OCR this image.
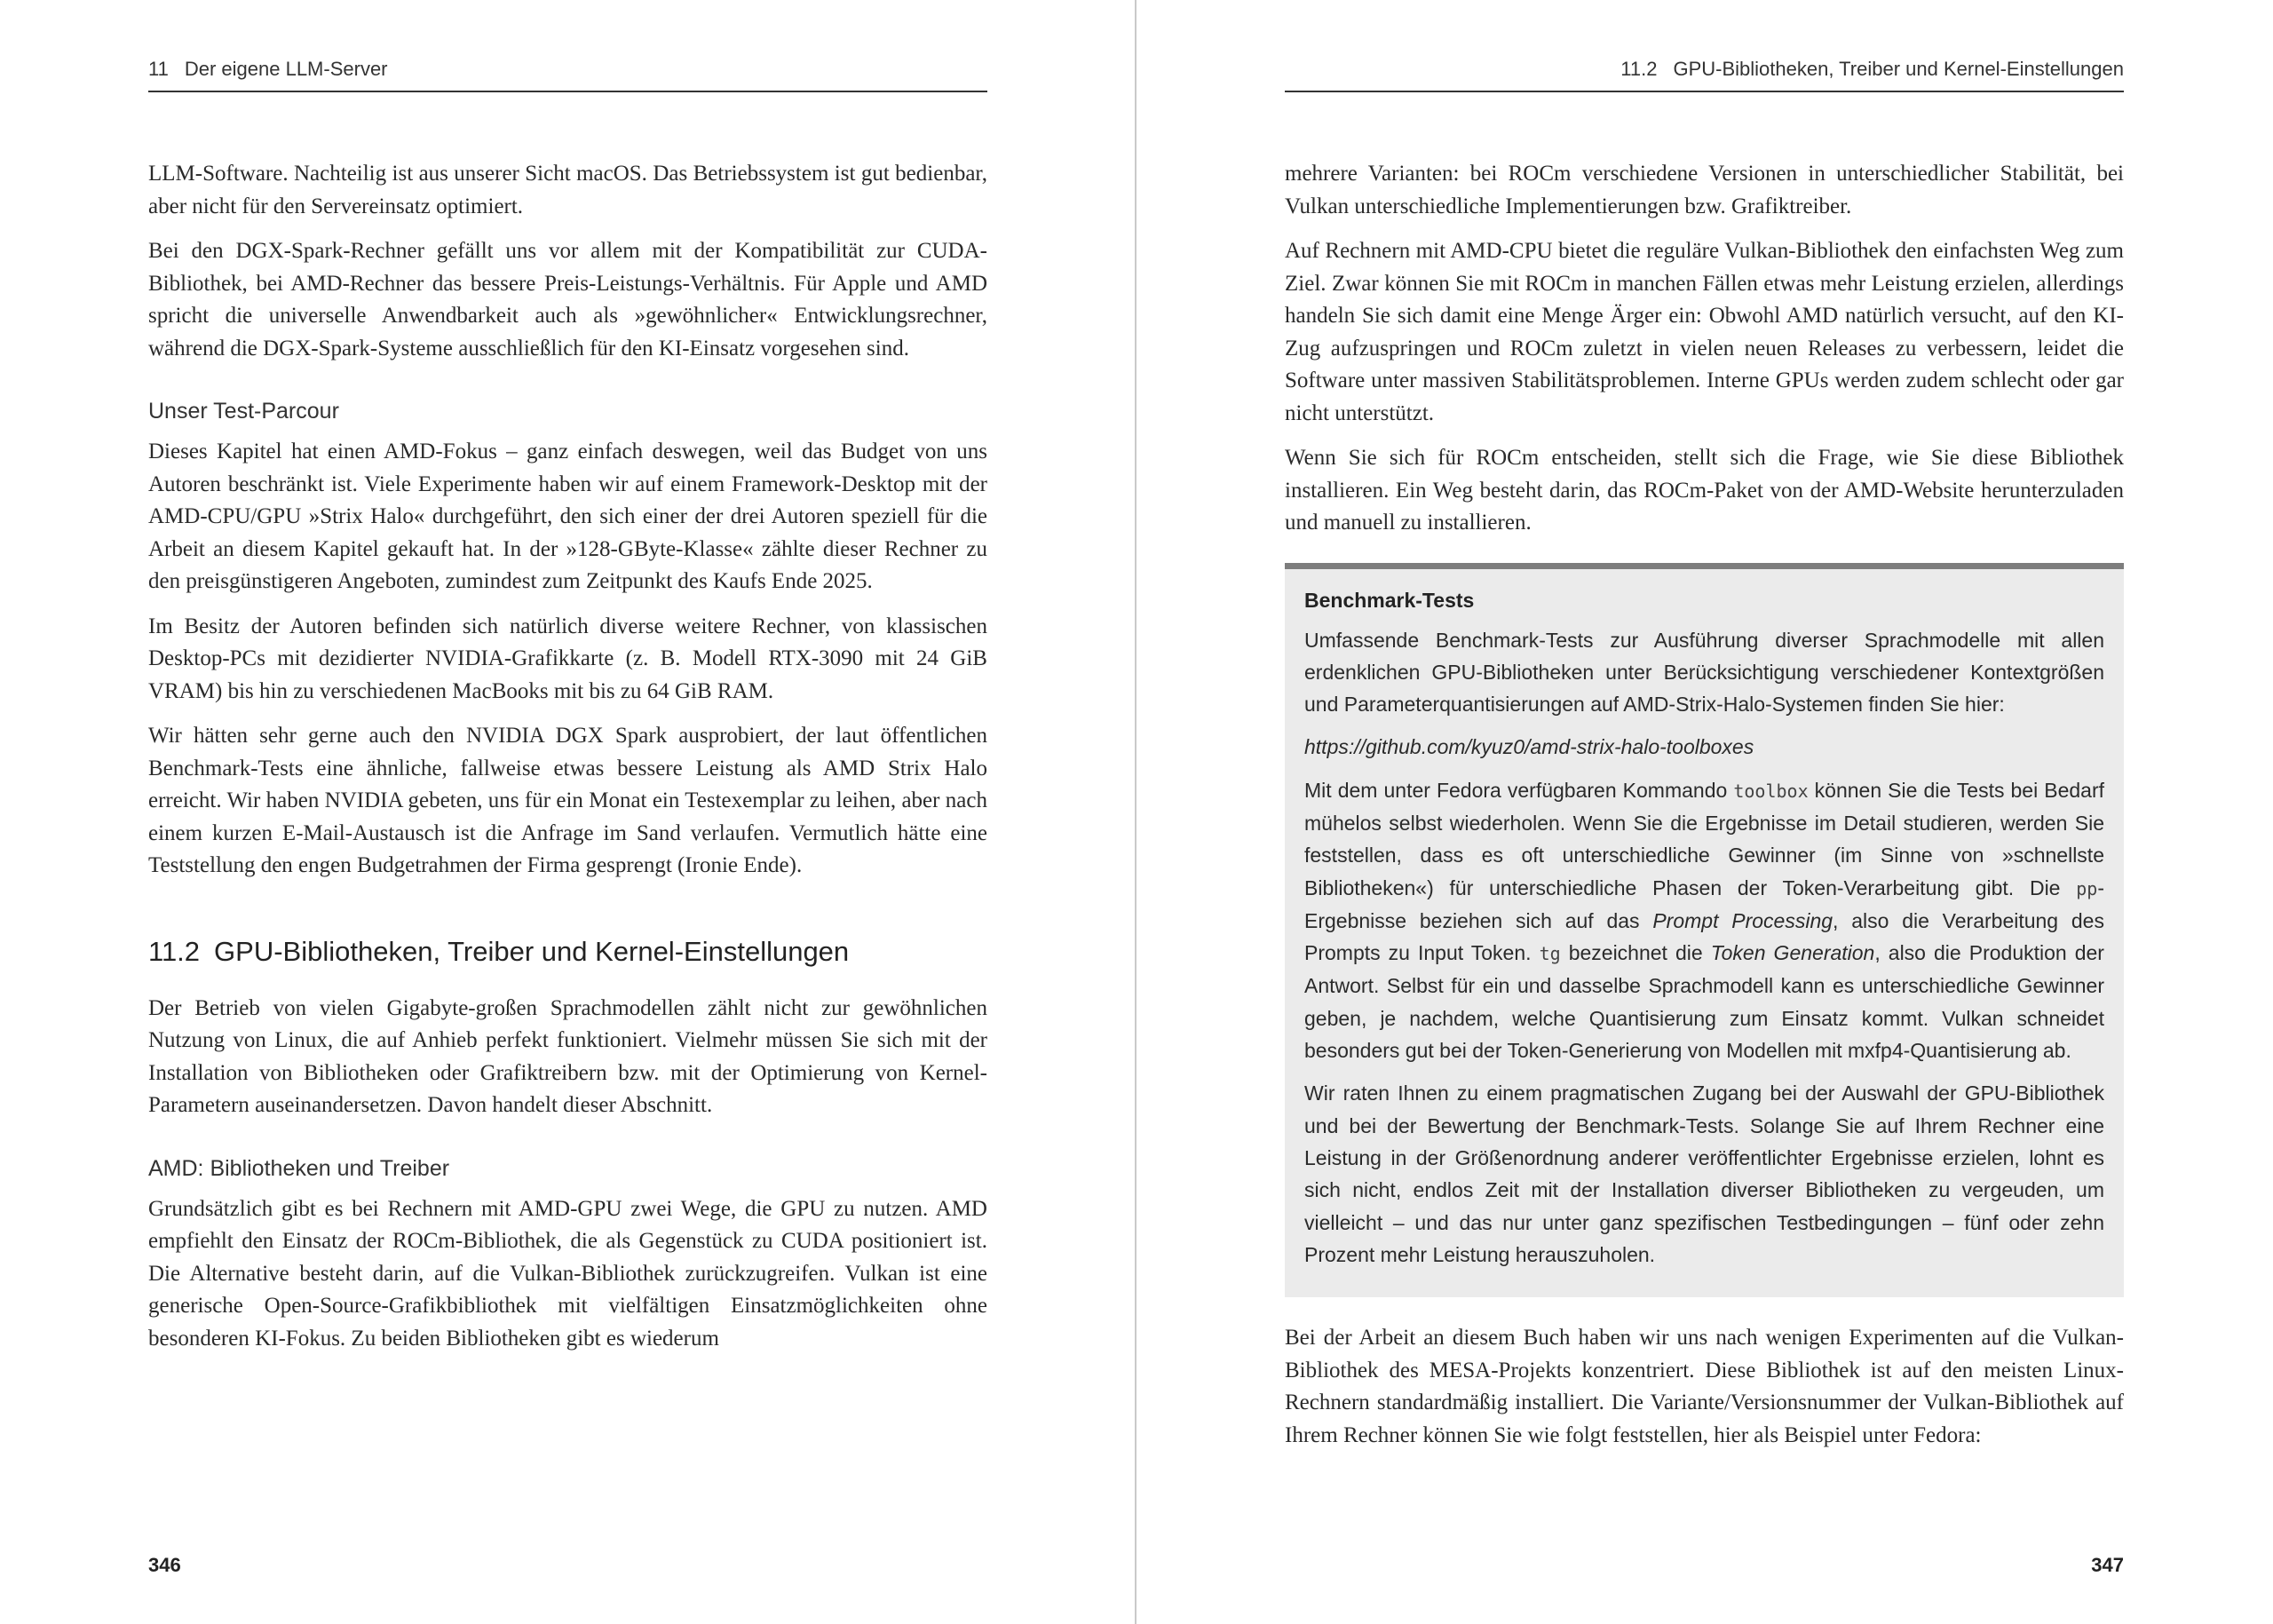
11 Der eigene LLM-Server

LLM-Software. Nachteilig ist aus unserer Sicht macOS. Das Betriebssystem ist gut bedienbar, aber nicht für den Servereinsatz optimiert.

Bei den DGX-Spark-Rechner gefällt uns vor allem mit der Kompatibilität zur CUDA-Bibliothek, bei AMD-Rechner das bessere Preis-Leistungs-Verhältnis. Für Apple und AMD spricht die universelle Anwendbarkeit auch als »gewöhnlicher« Entwicklungsrechner, während die DGX-Spark-Systeme ausschließlich für den KI-Einsatz vorgesehen sind.

Unser Test-Parcour

Dieses Kapitel hat einen AMD-Fokus – ganz einfach deswegen, weil das Budget von uns Autoren beschränkt ist. Viele Experimente haben wir auf einem Framework-Desktop mit der AMD-CPU/GPU »Strix Halo« durchgeführt, den sich einer der drei Autoren speziell für die Arbeit an diesem Kapitel gekauft hat. In der »128-GByte-Klasse« zählte dieser Rechner zu den preisgünstigeren Angeboten, zumindest zum Zeitpunkt des Kaufs Ende 2025.

Im Besitz der Autoren befinden sich natürlich diverse weitere Rechner, von klassischen Desktop-PCs mit dezidierter NVIDIA-Grafikkarte (z. B. Modell RTX-3090 mit 24 GiB VRAM) bis hin zu verschiedenen MacBooks mit bis zu 64 GiB RAM.

Wir hätten sehr gerne auch den NVIDIA DGX Spark ausprobiert, der laut öffentlichen Benchmark-Tests eine ähnliche, fallweise etwas bessere Leistung als AMD Strix Halo erreicht. Wir haben NVIDIA gebeten, uns für ein Monat ein Testexemplar zu leihen, aber nach einem kurzen E-Mail-Austausch ist die Anfrage im Sand verlaufen. Vermutlich hätte eine Teststellung den engen Budgetrahmen der Firma gesprengt (Ironie Ende).

11.2 GPU-Bibliotheken, Treiber und Kernel-Einstellungen

Der Betrieb von vielen Gigabyte-großen Sprachmodellen zählt nicht zur gewöhnlichen Nutzung von Linux, die auf Anhieb perfekt funktioniert. Vielmehr müssen Sie sich mit der Installation von Bibliotheken oder Grafiktreibern bzw. mit der Optimierung von Kernel-Parametern auseinandersetzen. Davon handelt dieser Abschnitt.

AMD: Bibliotheken und Treiber

Grundsätzlich gibt es bei Rechnern mit AMD-GPU zwei Wege, die GPU zu nutzen. AMD empfiehlt den Einsatz der ROCm-Bibliothek, die als Gegenstück zu CUDA positioniert ist. Die Alternative besteht darin, auf die Vulkan-Bibliothek zurückzugreifen. Vulkan ist eine generische Open-Source-Grafikbibliothek mit vielfältigen Einsatzmöglichkeiten ohne besonderen KI-Fokus. Zu beiden Bibliotheken gibt es wiederum

346
11.2 GPU-Bibliotheken, Treiber und Kernel-Einstellungen

mehrere Varianten: bei ROCm verschiedene Versionen in unterschiedlicher Stabilität, bei Vulkan unterschiedliche Implementierungen bzw. Grafiktreiber.

Auf Rechnern mit AMD-CPU bietet die reguläre Vulkan-Bibliothek den einfachsten Weg zum Ziel. Zwar können Sie mit ROCm in manchen Fällen etwas mehr Leistung erzielen, allerdings handeln Sie sich damit eine Menge Ärger ein: Obwohl AMD natürlich versucht, auf den KI-Zug aufzuspringen und ROCm zuletzt in vielen neuen Releases zu verbessern, leidet die Software unter massiven Stabilitätsproblemen. Interne GPUs werden zudem schlecht oder gar nicht unterstützt.

Wenn Sie sich für ROCm entscheiden, stellt sich die Frage, wie Sie diese Bibliothek installieren. Ein Weg besteht darin, das ROCm-Paket von der AMD-Website herunterzuladen und manuell zu installieren.

Benchmark-Tests

Umfassende Benchmark-Tests zur Ausführung diverser Sprachmodelle mit allen erdenklichen GPU-Bibliotheken unter Berücksichtigung verschiedener Kontextgrößen und Parameterquantisierungen auf AMD-Strix-Halo-Systemen finden Sie hier:

https://github.com/kyuz0/amd-strix-halo-toolboxes

Mit dem unter Fedora verfügbaren Kommando toolbox können Sie die Tests bei Bedarf mühelos selbst wiederholen. Wenn Sie die Ergebnisse im Detail studieren, werden Sie feststellen, dass es oft unterschiedliche Gewinner (im Sinne von »schnellste Bibliotheken«) für unterschiedliche Phasen der Token-Verarbeitung gibt. Die pp-Ergebnisse beziehen sich auf das Prompt Processing, also die Verarbeitung des Prompts zu Input Token. tg bezeichnet die Token Generation, also die Produktion der Antwort. Selbst für ein und dasselbe Sprachmodell kann es unterschiedliche Gewinner geben, je nachdem, welche Quantisierung zum Einsatz kommt. Vulkan schneidet besonders gut bei der Token-Generierung von Modellen mit mxfp4-Quantisierung ab.

Wir raten Ihnen zu einem pragmatischen Zugang bei der Auswahl der GPU-Bibliothek und bei der Bewertung der Benchmark-Tests. Solange Sie auf Ihrem Rechner eine Leistung in der Größenordnung anderer veröffentlichter Ergebnisse erzielen, lohnt es sich nicht, endlos Zeit mit der Installation diverser Bibliotheken zu vergeuden, um vielleicht – und das nur unter ganz spezifischen Testbedingungen – fünf oder zehn Prozent mehr Leistung herauszuholen.

Bei der Arbeit an diesem Buch haben wir uns nach wenigen Experimenten auf die Vulkan-Bibliothek des MESA-Projekts konzentriert. Diese Bibliothek ist auf den meisten Linux-Rechnern standardmäßig installiert. Die Variante/Versionsnummer der Vulkan-Bibliothek auf Ihrem Rechner können Sie wie folgt feststellen, hier als Beispiel unter Fedora:

347
